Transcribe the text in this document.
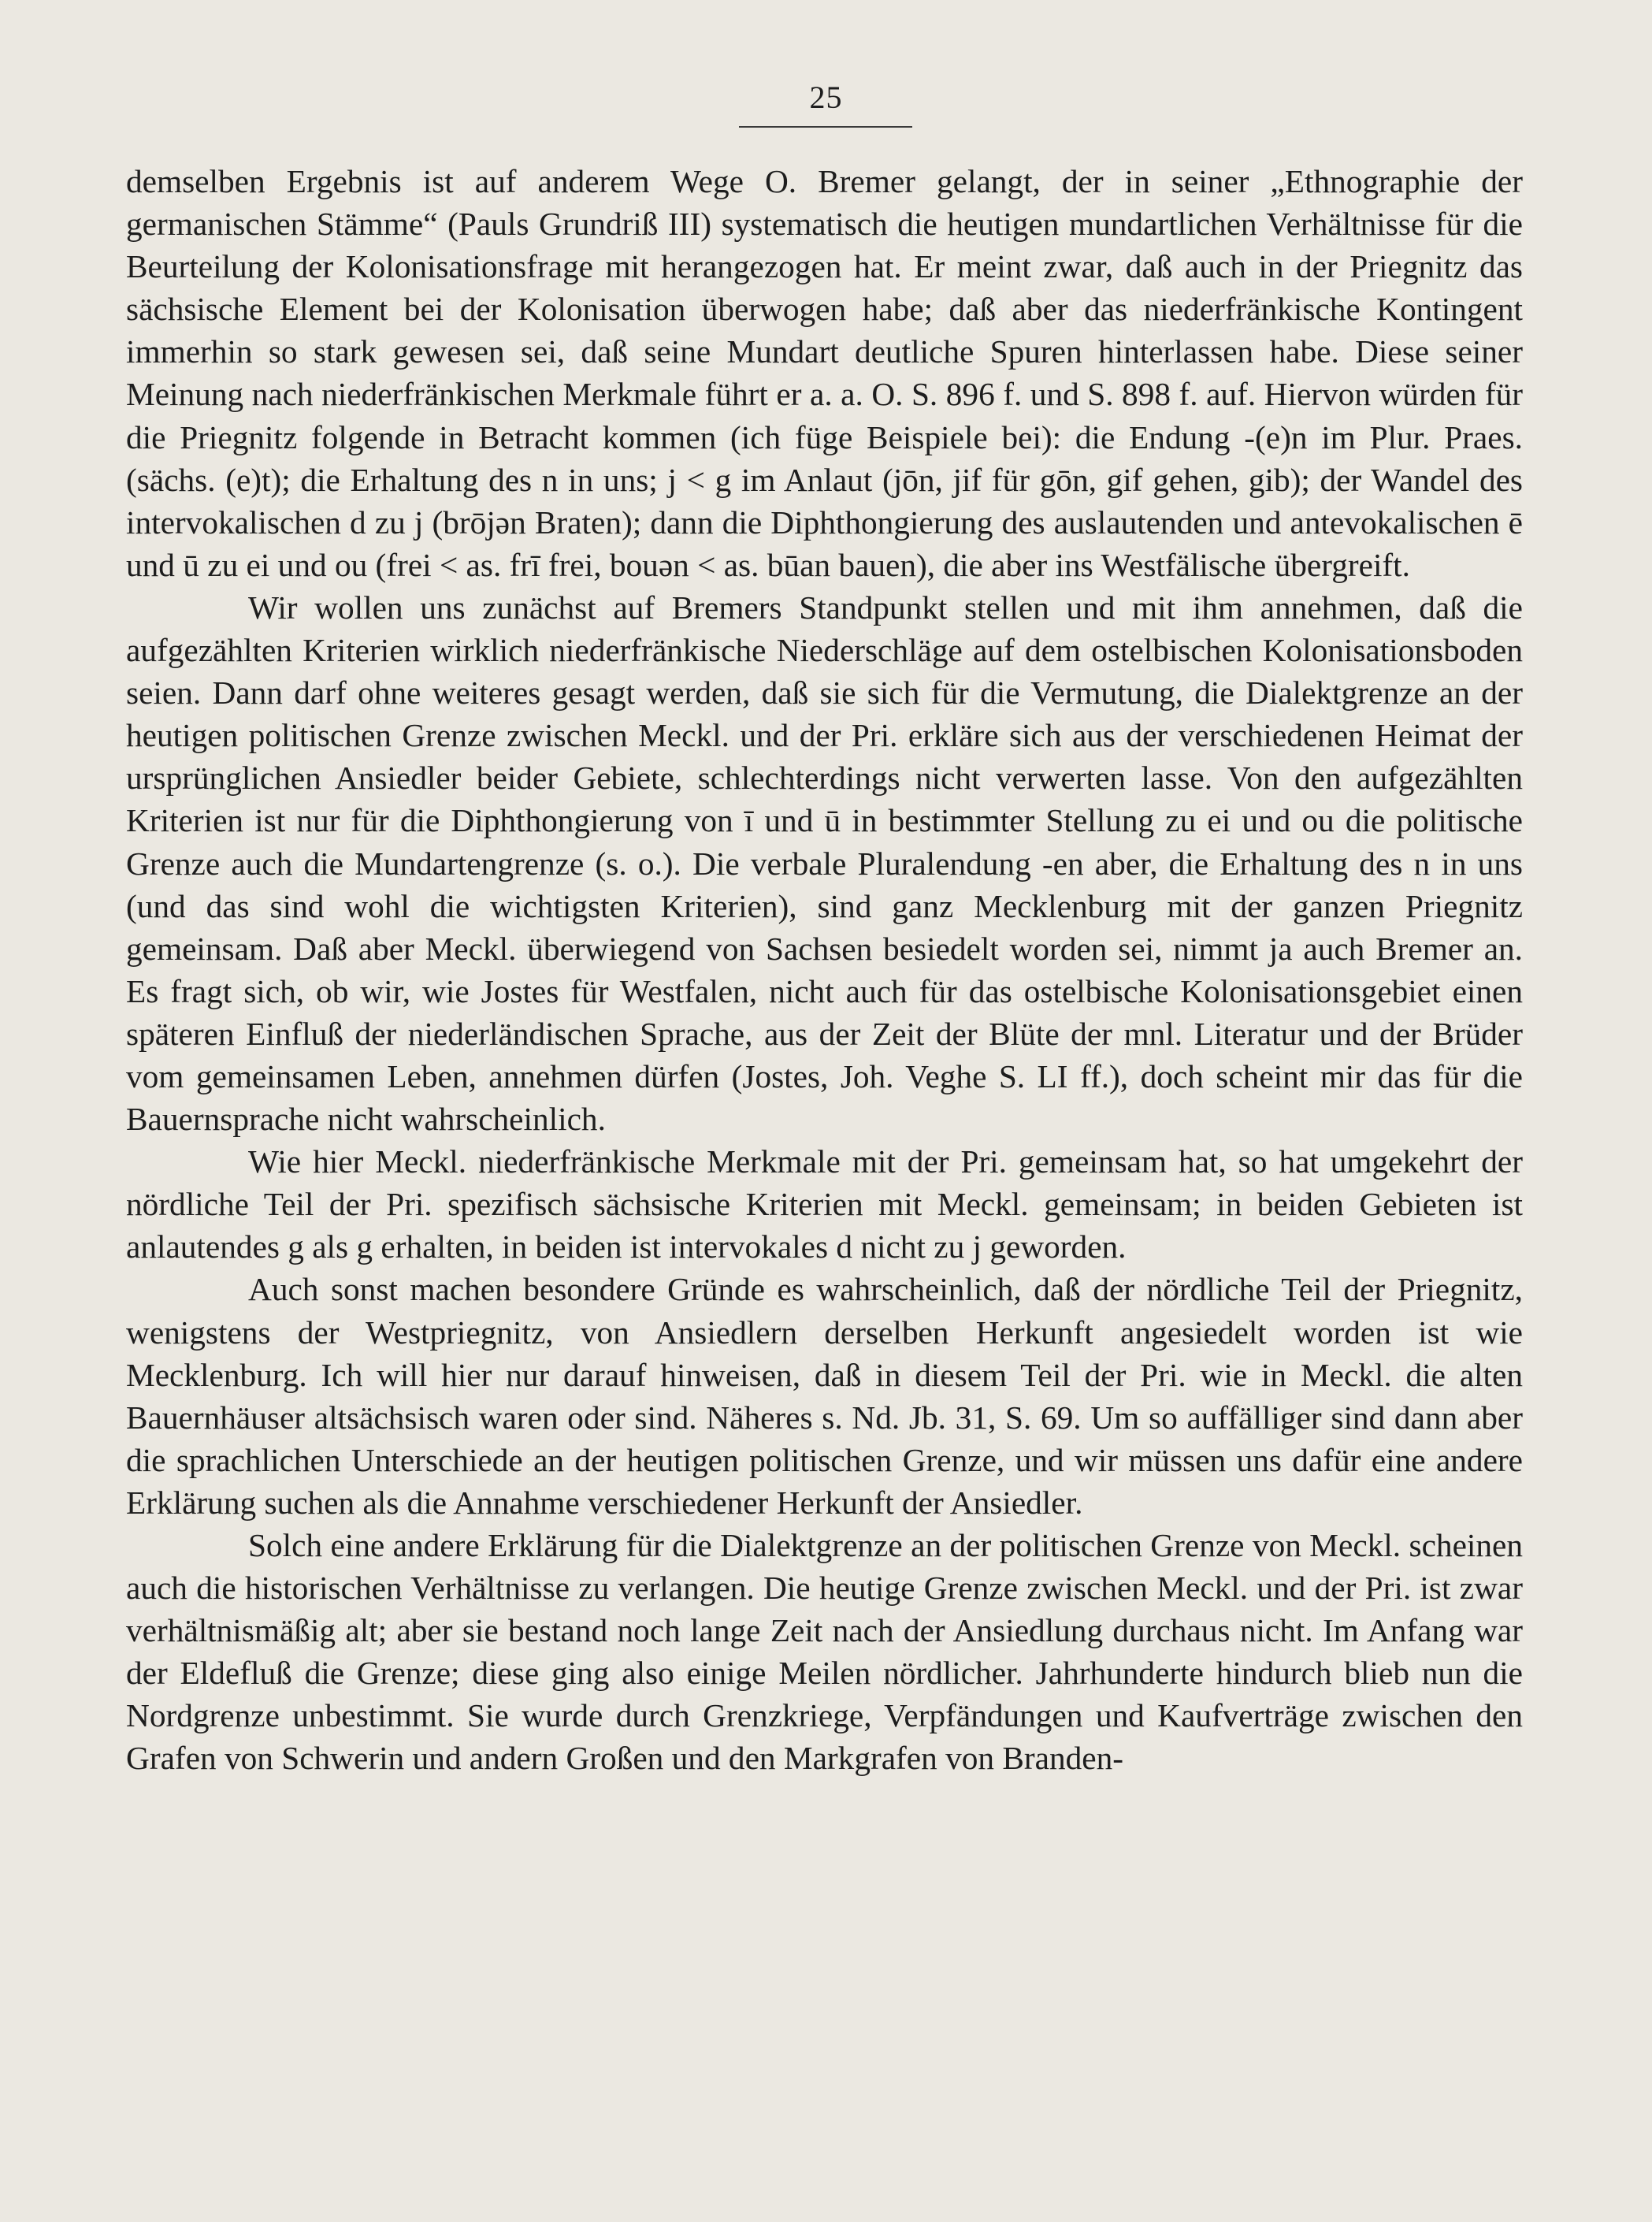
25

demselben Ergebnis ist auf anderem Wege O. Bremer gelangt, der in seiner „Ethnographie der germanischen Stämme“ (Pauls Grundriß III) systematisch die heutigen mundartlichen Verhältnisse für die Beurteilung der Kolonisationsfrage mit herangezogen hat. Er meint zwar, daß auch in der Priegnitz das sächsische Element bei der Kolonisation überwogen habe; daß aber das niederfränkische Kontingent immerhin so stark gewesen sei, daß seine Mundart deutliche Spuren hinterlassen habe. Diese seiner Meinung nach niederfränkischen Merkmale führt er a. a. O. S. 896 f. und S. 898 f. auf. Hiervon würden für die Priegnitz folgende in Betracht kommen (ich füge Beispiele bei): die Endung -(e)n im Plur. Praes. (sächs. (e)t); die Erhaltung des n in uns; j < g im Anlaut (jōn, jif für gōn, gif gehen, gib); der Wandel des intervokalischen d zu j (brōjən Braten); dann die Diphthongierung des auslautenden und antevokalischen ē und ū zu ei und ou (frei < as. frī frei, bouən < as. būan bauen), die aber ins Westfälische übergreift.

Wir wollen uns zunächst auf Bremers Standpunkt stellen und mit ihm annehmen, daß die aufgezählten Kriterien wirklich niederfränkische Niederschläge auf dem ostelbischen Kolonisationsboden seien. Dann darf ohne weiteres gesagt werden, daß sie sich für die Vermutung, die Dialektgrenze an der heutigen politischen Grenze zwischen Meckl. und der Pri. erkläre sich aus der verschiedenen Heimat der ursprünglichen Ansiedler beider Gebiete, schlechterdings nicht verwerten lasse. Von den aufgezählten Kriterien ist nur für die Diphthongierung von ī und ū in bestimmter Stellung zu ei und ou die politische Grenze auch die Mundartengrenze (s. o.). Die verbale Pluralendung -en aber, die Erhaltung des n in uns (und das sind wohl die wichtigsten Kriterien), sind ganz Mecklenburg mit der ganzen Priegnitz gemeinsam. Daß aber Meckl. überwiegend von Sachsen besiedelt worden sei, nimmt ja auch Bremer an. Es fragt sich, ob wir, wie Jostes für Westfalen, nicht auch für das ostelbische Kolonisationsgebiet einen späteren Einfluß der niederländischen Sprache, aus der Zeit der Blüte der mnl. Literatur und der Brüder vom gemeinsamen Leben, annehmen dürfen (Jostes, Joh. Veghe S. LI ff.), doch scheint mir das für die Bauernsprache nicht wahrscheinlich.

Wie hier Meckl. niederfränkische Merkmale mit der Pri. gemeinsam hat, so hat umgekehrt der nördliche Teil der Pri. spezifisch sächsische Kriterien mit Meckl. gemeinsam; in beiden Gebieten ist anlautendes g als g erhalten, in beiden ist intervokales d nicht zu j geworden.

Auch sonst machen besondere Gründe es wahrscheinlich, daß der nördliche Teil der Priegnitz, wenigstens der Westpriegnitz, von Ansiedlern derselben Herkunft angesiedelt worden ist wie Mecklenburg. Ich will hier nur darauf hinweisen, daß in diesem Teil der Pri. wie in Meckl. die alten Bauernhäuser altsächsisch waren oder sind. Näheres s. Nd. Jb. 31, S. 69. Um so auffälliger sind dann aber die sprachlichen Unterschiede an der heutigen politischen Grenze, und wir müssen uns dafür eine andere Erklärung suchen als die Annahme verschiedener Herkunft der Ansiedler.

Solch eine andere Erklärung für die Dialektgrenze an der politischen Grenze von Meckl. scheinen auch die historischen Verhältnisse zu verlangen. Die heutige Grenze zwischen Meckl. und der Pri. ist zwar verhältnismäßig alt; aber sie bestand noch lange Zeit nach der Ansiedlung durchaus nicht. Im Anfang war der Eldefluß die Grenze; diese ging also einige Meilen nördlicher. Jahrhunderte hindurch blieb nun die Nordgrenze unbestimmt. Sie wurde durch Grenzkriege, Verpfändungen und Kaufverträge zwischen den Grafen von Schwerin und andern Großen und den Markgrafen von Branden-
